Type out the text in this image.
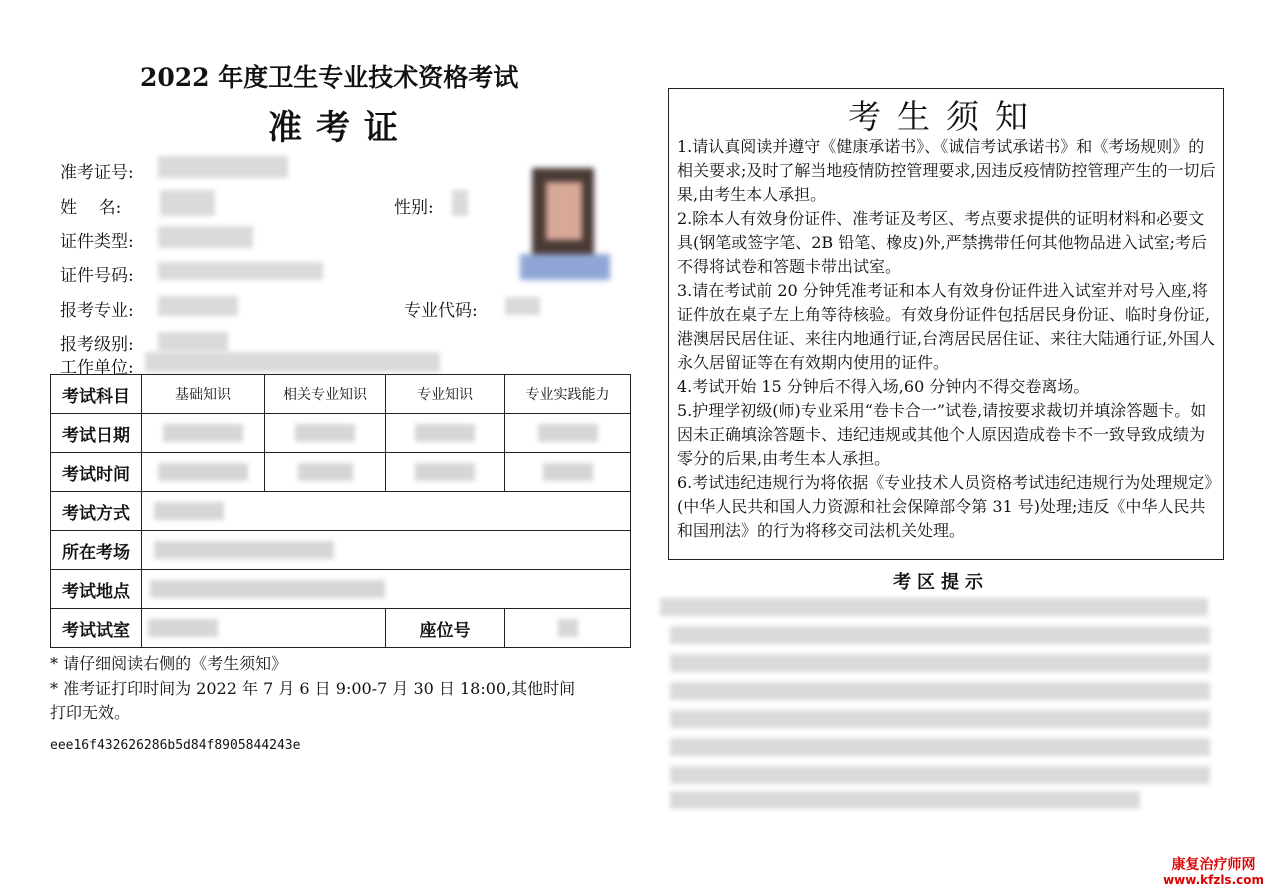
2022 年度卫生专业技术资格考试
准考证
准考证号:
姓    名:	性别:
证件类型:
证件号码:
报考专业:	专业代码:
报考级别:
工作单位:
考试科目	基础知识	相关专业知识	专业知识	专业实践能力
考试日期	

考试时间	

考试方式				

所在考场				

考试地点				

考试试室			座位号	
* 请仔细阅读右侧的《考生须知》
* 准考证打印时间为 2022 年 7 月 6 日 9:00-7 月 30 日 18:00,其他时间
打印无效。
eee16f432626286b5d84f8905844243e
考生须知

1.请认真阅读并遵守《健康承诺书》、《诚信考试承诺书》和《考场规则》的相关要求;及时了解当地疫情防控管理要求,因违反疫情防控管理产生的一切后果,由考生本人承担。

2.除本人有效身份证件、准考证及考区、考点要求提供的证明材料和必要文具(钢笔或签字笔、2B 铅笔、橡皮)外,严禁携带任何其他物品进入试室;考后不得将试卷和答题卡带出试室。

3.请在考试前 20 分钟凭准考证和本人有效身份证件进入试室并对号入座,将证件放在桌子左上角等待核验。有效身份证件包括居民身份证、临时身份证,港澳居民居住证、来往内地通行证,台湾居民居住证、来往大陆通行证,外国人永久居留证等在有效期内使用的证件。

4.考试开始 15 分钟后不得入场,60 分钟内不得交卷离场。

5.护理学初级(师)专业采用“卷卡合一”试卷,请按要求裁切并填涂答题卡。如因未正确填涂答题卡、违纪违规或其他个人原因造成卷卡不一致导致成绩为零分的后果,由考生本人承担。

6.考试违纪违规行为将依据《专业技术人员资格考试违纪违规行为处理规定》(中华人民共和国人力资源和社会保障部令第 31 号)处理;违反《中华人民共和国刑法》的行为将移交司法机关处理。

考区提示
康复治疗师网
www.kfzls.com
